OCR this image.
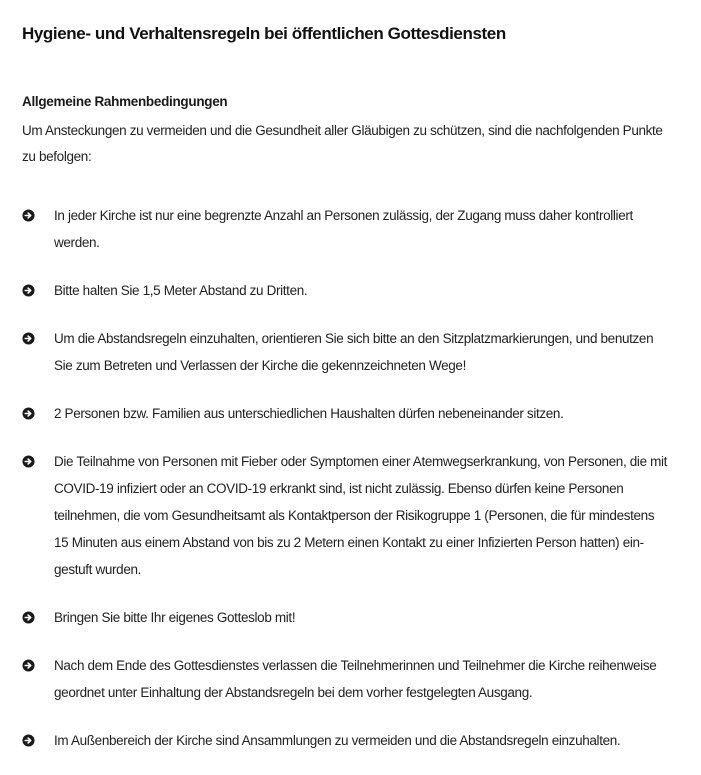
Hygiene- und Verhaltensregeln bei öffentlichen Gottesdiensten
Allgemeine Rahmenbedingungen

Um Ansteckungen zu vermeiden und die Gesundheit aller Gläubigen zu schützen, sind die nachfolgenden Punkte zu befolgen:

In jeder Kirche ist nur eine begrenzte Anzahl an Personen zulässig, der Zugang muss daher kontrolliert werden.
Bitte halten Sie 1,5 Meter Abstand zu Dritten.
Um die Abstandsregeln einzuhalten, orientieren Sie sich bitte an den Sitzplatzmarkierungen, und benutzen Sie zum Betreten und Verlassen der Kirche die gekennzeichneten Wege!
2 Personen bzw. Familien aus unterschiedlichen Haushalten dürfen nebeneinander sitzen.
Die Teilnahme von Personen mit Fieber oder Symptomen einer Atemwegserkrankung, von Personen, die mit COVID-19 infiziert oder an COVID-19 erkrankt sind, ist nicht zulässig. Ebenso dürfen keine Personen teilnehmen, die vom Gesundheitsamt als Kontaktperson der Risikogruppe 1 (Personen, die für mindestens 15 Minuten aus einem Abstand von bis zu 2 Metern einen Kontakt zu einer Infizierten Person hatten) ein-gestuft wurden.
Bringen Sie bitte Ihr eigenes Gotteslob mit!
Nach dem Ende des Gottesdienstes verlassen die Teilnehmerinnen und Teilnehmer die Kirche reihenweise geordnet unter Einhaltung der Abstandsregeln bei dem vorher festgelegten Ausgang.
Im Außenbereich der Kirche sind Ansammlungen zu vermeiden und die Abstandsregeln einzuhalten.
